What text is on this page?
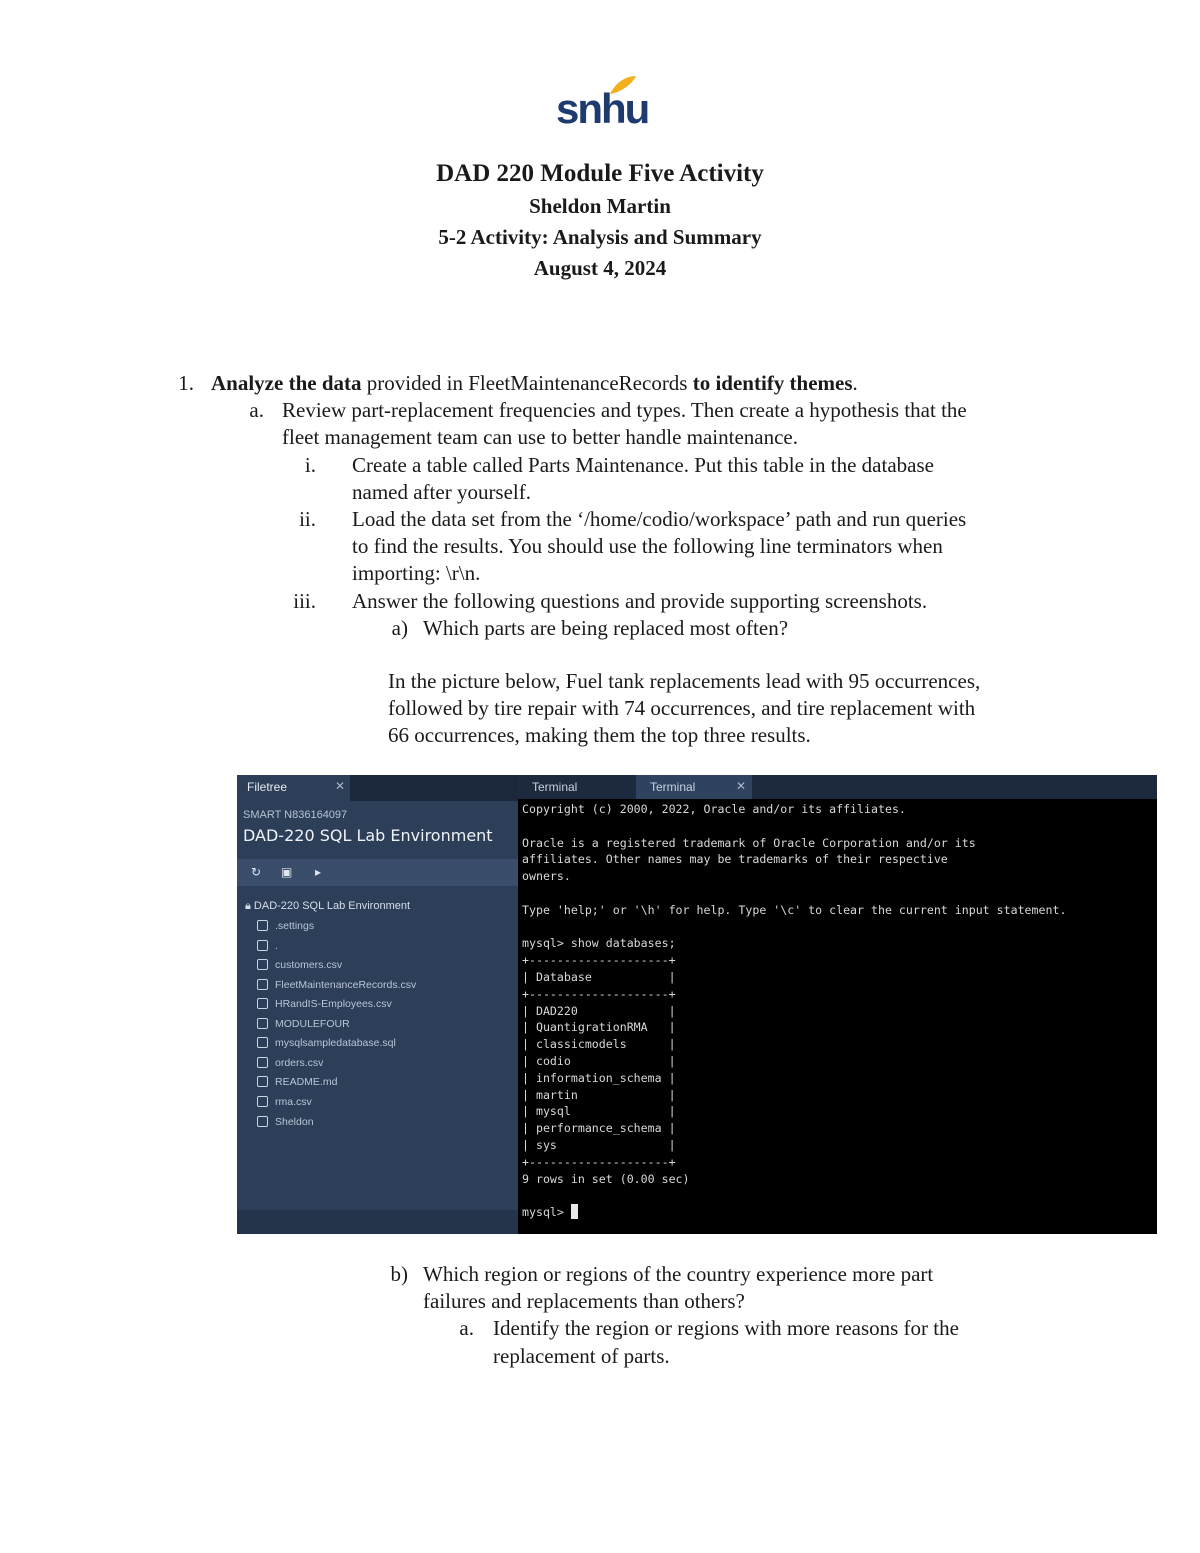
snhu
DAD 220 Module Five Activity
Sheldon Martin
5-2 Activity: Analysis and Summary
August 4, 2024
1. Analyze the data provided in FleetMaintenanceRecords to identify themes.
a. Review part-replacement frequencies and types. Then create a hypothesis that the
fleet management team can use to better handle maintenance.
i. Create a table called Parts Maintenance. Put this table in the database
named after yourself.
ii. Load the data set from the ‘/home/codio/workspace’ path and run queries
to find the results. You should use the following line terminators when
importing: \r\n.
iii. Answer the following questions and provide supporting screenshots.
a) Which parts are being replaced most often?
In the picture below, Fuel tank replacements lead with 95 occurrences,
followed by tire repair with 74 occurrences, and tire replacement with
66 occurrences, making them the top three results.
Filetree	✕
SMART N836164097
DAD-220 SQL Lab Environment
↻ ▣ ▸
🔒︎ DAD-220 SQL Lab Environment
.settings
.
customers.csv
FleetMaintenanceRecords.csv
HRandIS-Employees.csv
MODULEFOUR
mysqlsampledatabase.sql
orders.csv
README.md
rma.csv
Sheldon
Terminal	Terminal	✕
Copyright (c) 2000, 2022, Oracle and/or its affiliates.

Oracle is a registered trademark of Oracle Corporation and/or its
affiliates. Other names may be trademarks of their respective
owners.

Type 'help;' or '\h' for help. Type '\c' to clear the current input statement.

mysql> show databases;
+--------------------+
| Database           |
+--------------------+
| DAD220             |
| QuantigrationRMA   |
| classicmodels      |
| codio              |
| information_schema |
| martin             |
| mysql              |
| performance_schema |
| sys                |
+--------------------+
9 rows in set (0.00 sec)

mysql>
b) Which region or regions of the country experience more part
failures and replacements than others?
a. Identify the region or regions with more reasons for the
replacement of parts.
